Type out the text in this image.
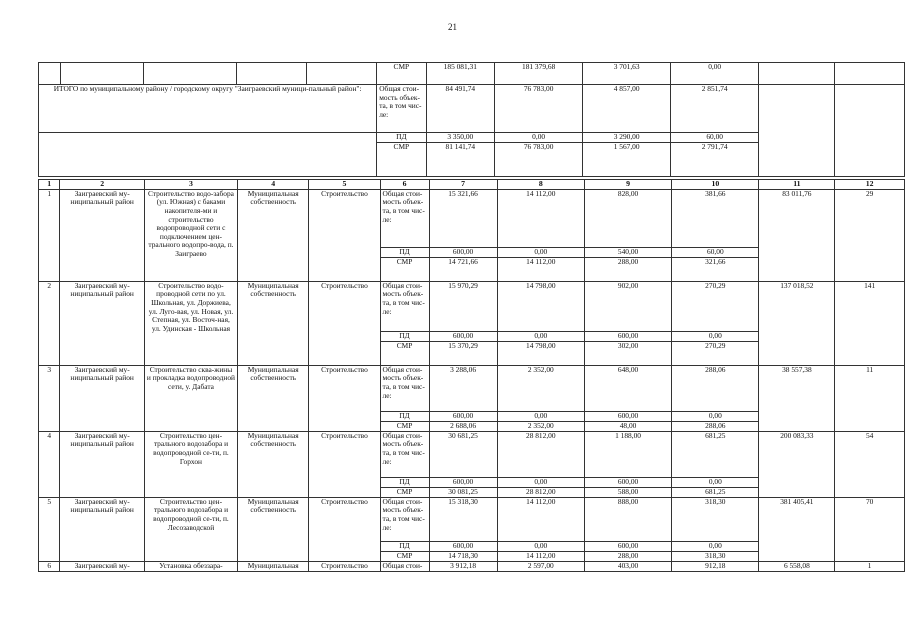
21
					СМР	185 081,31	181 379,68	3 701,63	0,00		
ИТОГО по муниципальному району / городскому округу "Заиграевский муници-пальный район":					Общая стои-мость объек-та, в том чис-ле:	84 491,74	76 783,00	4 857,00	2 851,74		
					ПД	3 350,00	0,00	3 290,00	60,00		
					СМР	81 141,74	76 783,00	1 567,00	2 791,74		
1	2	3	4	5	6	7	8	9	10	11	12
1	Заиграевский му-ниципальный район	Строительство водо-забора (ул. Южная) с баками накопителя-ми и строительство водопроводной сети с подключением цен-трального водопро-вода, п. Заиграево	Муниципальная собственность	Строительство	Общая стои-мость объек-та, в том чис-ле:	15 321,66	14 112,00	828,00	381,66	83 011,76	29
					ПД	600,00	0,00	540,00	60,00		
					СМР	14 721,66	14 112,00	288,00	321,66		
2	Заиграевский му-ниципальный район	Строительство водо-проводной сети по ул. Школьная, ул. Доржиева, ул. Луго-вая, ул. Новая, ул. Степная, ул. Восточ-ная, ул. Удинская - Школьная	Муниципальная собственность	Строительство	Общая стои-мость объек-та, в том чис-ле:	15 970,29	14 798,00	902,00	270,29	137 018,52	141
					ПД	600,00	0,00	600,00	0,00		
					СМР	15 370,29	14 798,00	302,00	270,29		
3	Заиграевский му-ниципальный район	Строительство сква-жины и прокладка водопроводной сети, у. Дабата	Муниципальная собственность	Строительство	Общая стои-мость объек-та, в том чис-ле:	3 288,06	2 352,00	648,00	288,06	38 557,38	11
					ПД	600,00	0,00	600,00	0,00		
					СМР	2 688,06	2 352,00	48,00	288,06		
4	Заиграевский му-ниципальный район	Строительство цен-трального водозабора и водопроводной се-ти, п. Горхон	Муниципальная собственность	Строительство	Общая стои-мость объек-та, в том чис-ле:	30 681,25	28 812,00	1 188,00	681,25	200 083,33	54
					ПД	600,00	0,00	600,00	0,00		
					СМР	30 081,25	28 812,00	588,00	681,25		
5	Заиграевский му-ниципальный район	Строительство цен-трального водозабора и водопроводной се-ти, п. Лесозаводской	Муниципальная собственность	Строительство	Общая стои-мость объек-та, в том чис-ле:	15 318,30	14 112,00	888,00	318,30	381 405,41	70
					ПД	600,00	0,00	600,00	0,00		
					СМР	14 718,30	14 112,00	288,00	318,30		
6	Заиграевский му-	Установка обеззара-	Муниципальная	Строительство	Общая стои-	3 912,18	2 597,00	403,00	912,18	6 558,08	1
